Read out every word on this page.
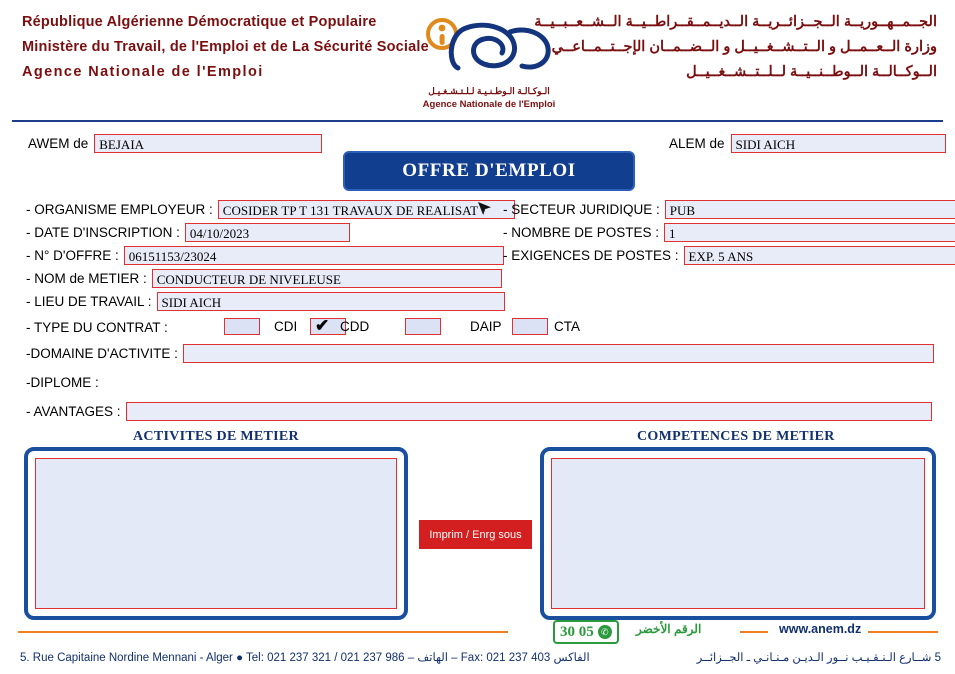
République Algérienne Démocratique et Populaire
Ministère du Travail, de l'Emploi et de La Sécurité Sociale
Agence Nationale de l'Emploi
الجــمــهــوريــة الــجــزائــريــة الــديــمــقــراطــيــة الــشــعــبــيــة
وزارة الــعــمــل و الــتــشــغــيــل و الــضــمــان الإجــتــمــاعــي
الــوكــالــة الــوطــنــيــة لــلــتــشــغــيــل
الـوكـالـة الـوطـنـيـة لـلـتـشـغـيـل
Agence Nationale de l'Emploi
AWEM de BEJAIA	ALEM de SIDI AICH
OFFRE D'EMPLOI
- ORGANISME EMPLOYEUR : COSIDER TP T 131 TRAVAUX DE REALISAT
- DATE D'INSCRIPTION : 04/10/2023
- N° D'OFFRE : 06151153/23024
- NOM de METIER : CONDUCTEUR DE NIVELEUSE
- LIEU DE TRAVAIL : SIDI AICH
- SECTEUR JURIDIQUE : PUB
- NOMBRE DE POSTES : 1
- EXIGENCES DE POSTES : EXP. 5 ANS
- TYPE DU CONTRAT :	CDI ✔ CDD	DAIP	CTA
-DOMAINE D'ACTIVITE :
-DIPLOME :
- AVANTAGES :
ACTIVITES DE METIER	COMPETENCES DE METIER
Imprim / Enrg sous
30 05 ✆ الرقم الأخضر	www.anem.dz
5. Rue Capitaine Nordine Mennani - Alger ● Tel: 021 237 321 / 021 237 986 – الهاتف – Fax: 021 237 403 الفاكس	5 شــارع الـنـقـيـب نــور الـديـن مـنـانـي ـ الجــزائــر
